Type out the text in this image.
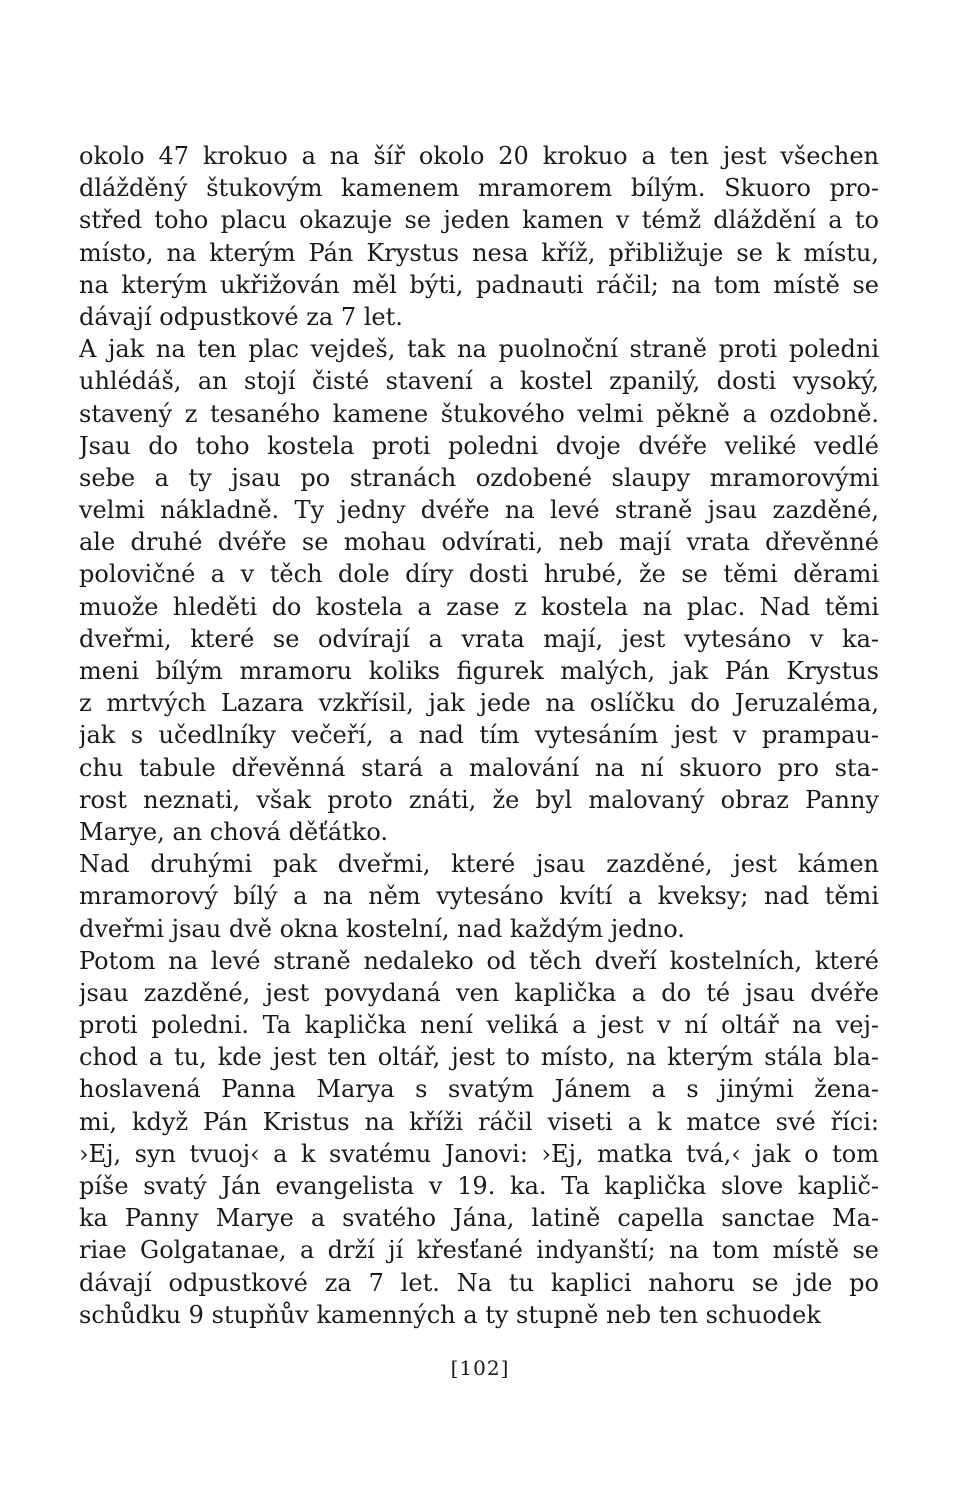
okolo 47 krokuo a na šíř okolo 20 krokuo a ten jest všechen
dlážděný štukovým kamenem mramorem bílým. Skuoro pro-
střed toho placu okazuje se jeden kamen v témž dláždění a to
místo, na kterým Pán Krystus nesa kříž, přibližuje se k místu,
na kterým ukřižován měl býti, padnauti ráčil; na tom místě se
dávají odpustkové za 7 let.
A jak na ten plac vejdeš, tak na puolnoční straně proti poledni
uhlédáš, an stojí čisté stavení a kostel zpanilý, dosti vysoký,
stavený z tesaného kamene štukového velmi pěkně a ozdobně.
Jsau do toho kostela proti poledni dvoje dvéře veliké vedlé
sebe a ty jsau po stranách ozdobené slaupy mramorovými
velmi nákladně. Ty jedny dvéře na levé straně jsau zazděné,
ale druhé dvéře se mohau odvírati, neb mají vrata dřevěnné
polovičné a v těch dole díry dosti hrubé, že se těmi děrami
muože hleděti do kostela a zase z kostela na plac. Nad těmi
dveřmi, které se odvírají a vrata mají, jest vytesáno v ka-
meni bílým mramoru koliks figurek malých, jak Pán Krystus
z mrtvých Lazara vzkřísil, jak jede na oslíčku do Jeruzaléma,
jak s učedlníky večeří, a nad tím vytesáním jest v prampau-
chu tabule dřevěnná stará a malování na ní skuoro pro sta-
rost neznati, však proto znáti, že byl malovaný obraz Panny
Marye, an chová děťátko.
Nad druhými pak dveřmi, které jsau zazděné, jest kámen
mramorový bílý a na něm vytesáno kvítí a kveksy; nad těmi
dveřmi jsau dvě okna kostelní, nad každým jedno.
Potom na levé straně nedaleko od těch dveří kostelních, které
jsau zazděné, jest povydaná ven kaplička a do té jsau dvéře
proti poledni. Ta kaplička není veliká a jest v ní oltář na vej-
chod a tu, kde jest ten oltář, jest to místo, na kterým stála bla-
hoslavená Panna Marya s svatým Jánem a s jinými žena-
mi, když Pán Kristus na kříži ráčil viseti a k matce své říci:
›Ej, syn tvuoj‹ a k svatému Janovi: ›Ej, matka tvá,‹ jak o tom
píše svatý Ján evangelista v 19. ka. Ta kaplička slove kaplič-
ka Panny Marye a svatého Jána, latině capella sanctae Ma-
riae Golgatanae, a drží jí křesťané indyanští; na tom místě se
dávají odpustkové za 7 let. Na tu kaplici nahoru se jde po
schůdku 9 stupňův kamenných a ty stupně neb ten schuodek
[102]
